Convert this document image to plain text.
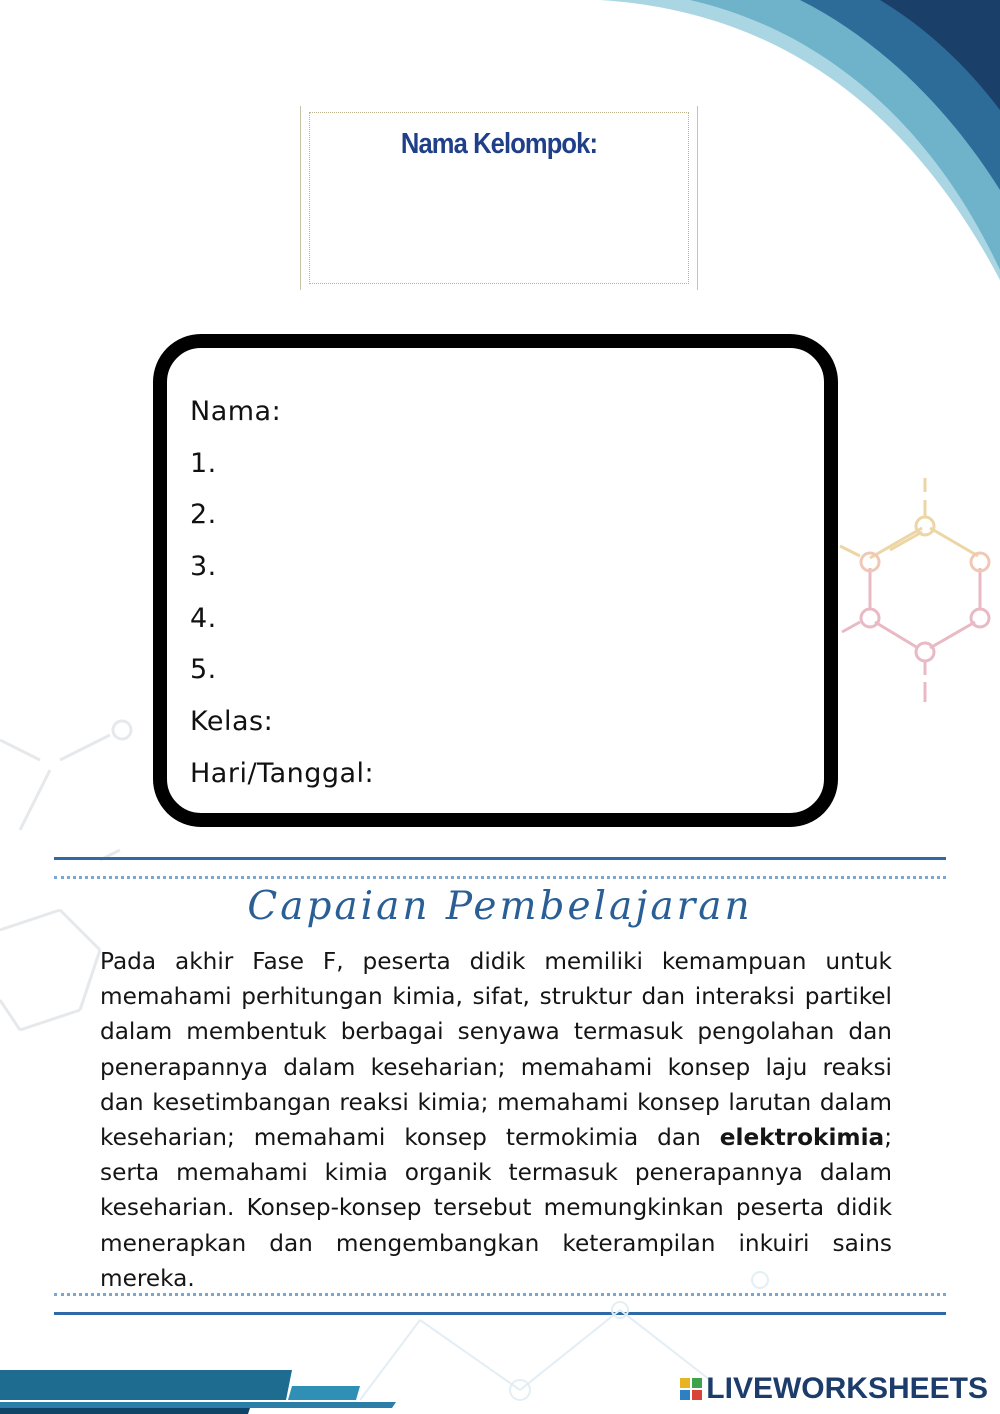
Nama Kelompok:
Nama:
1.
2.
3.
4.
5.
Kelas:
Hari/Tanggal:
Capaian Pembelajaran

Pada akhir Fase F, peserta didik memiliki kemampuan untuk memahami perhitungan kimia, sifat, struktur dan interaksi partikel dalam membentuk berbagai senyawa termasuk pengolahan dan penerapannya dalam keseharian; memahami konsep laju reaksi dan kesetimbangan reaksi kimia; memahami konsep larutan dalam keseharian; memahami konsep termokimia dan elektrokimia; serta memahami kimia organik termasuk penerapannya dalam keseharian. Konsep-konsep tersebut memungkinkan peserta didik menerapkan dan mengembangkan keterampilan inkuiri sains mereka.

LIVEWORKSHEETS
